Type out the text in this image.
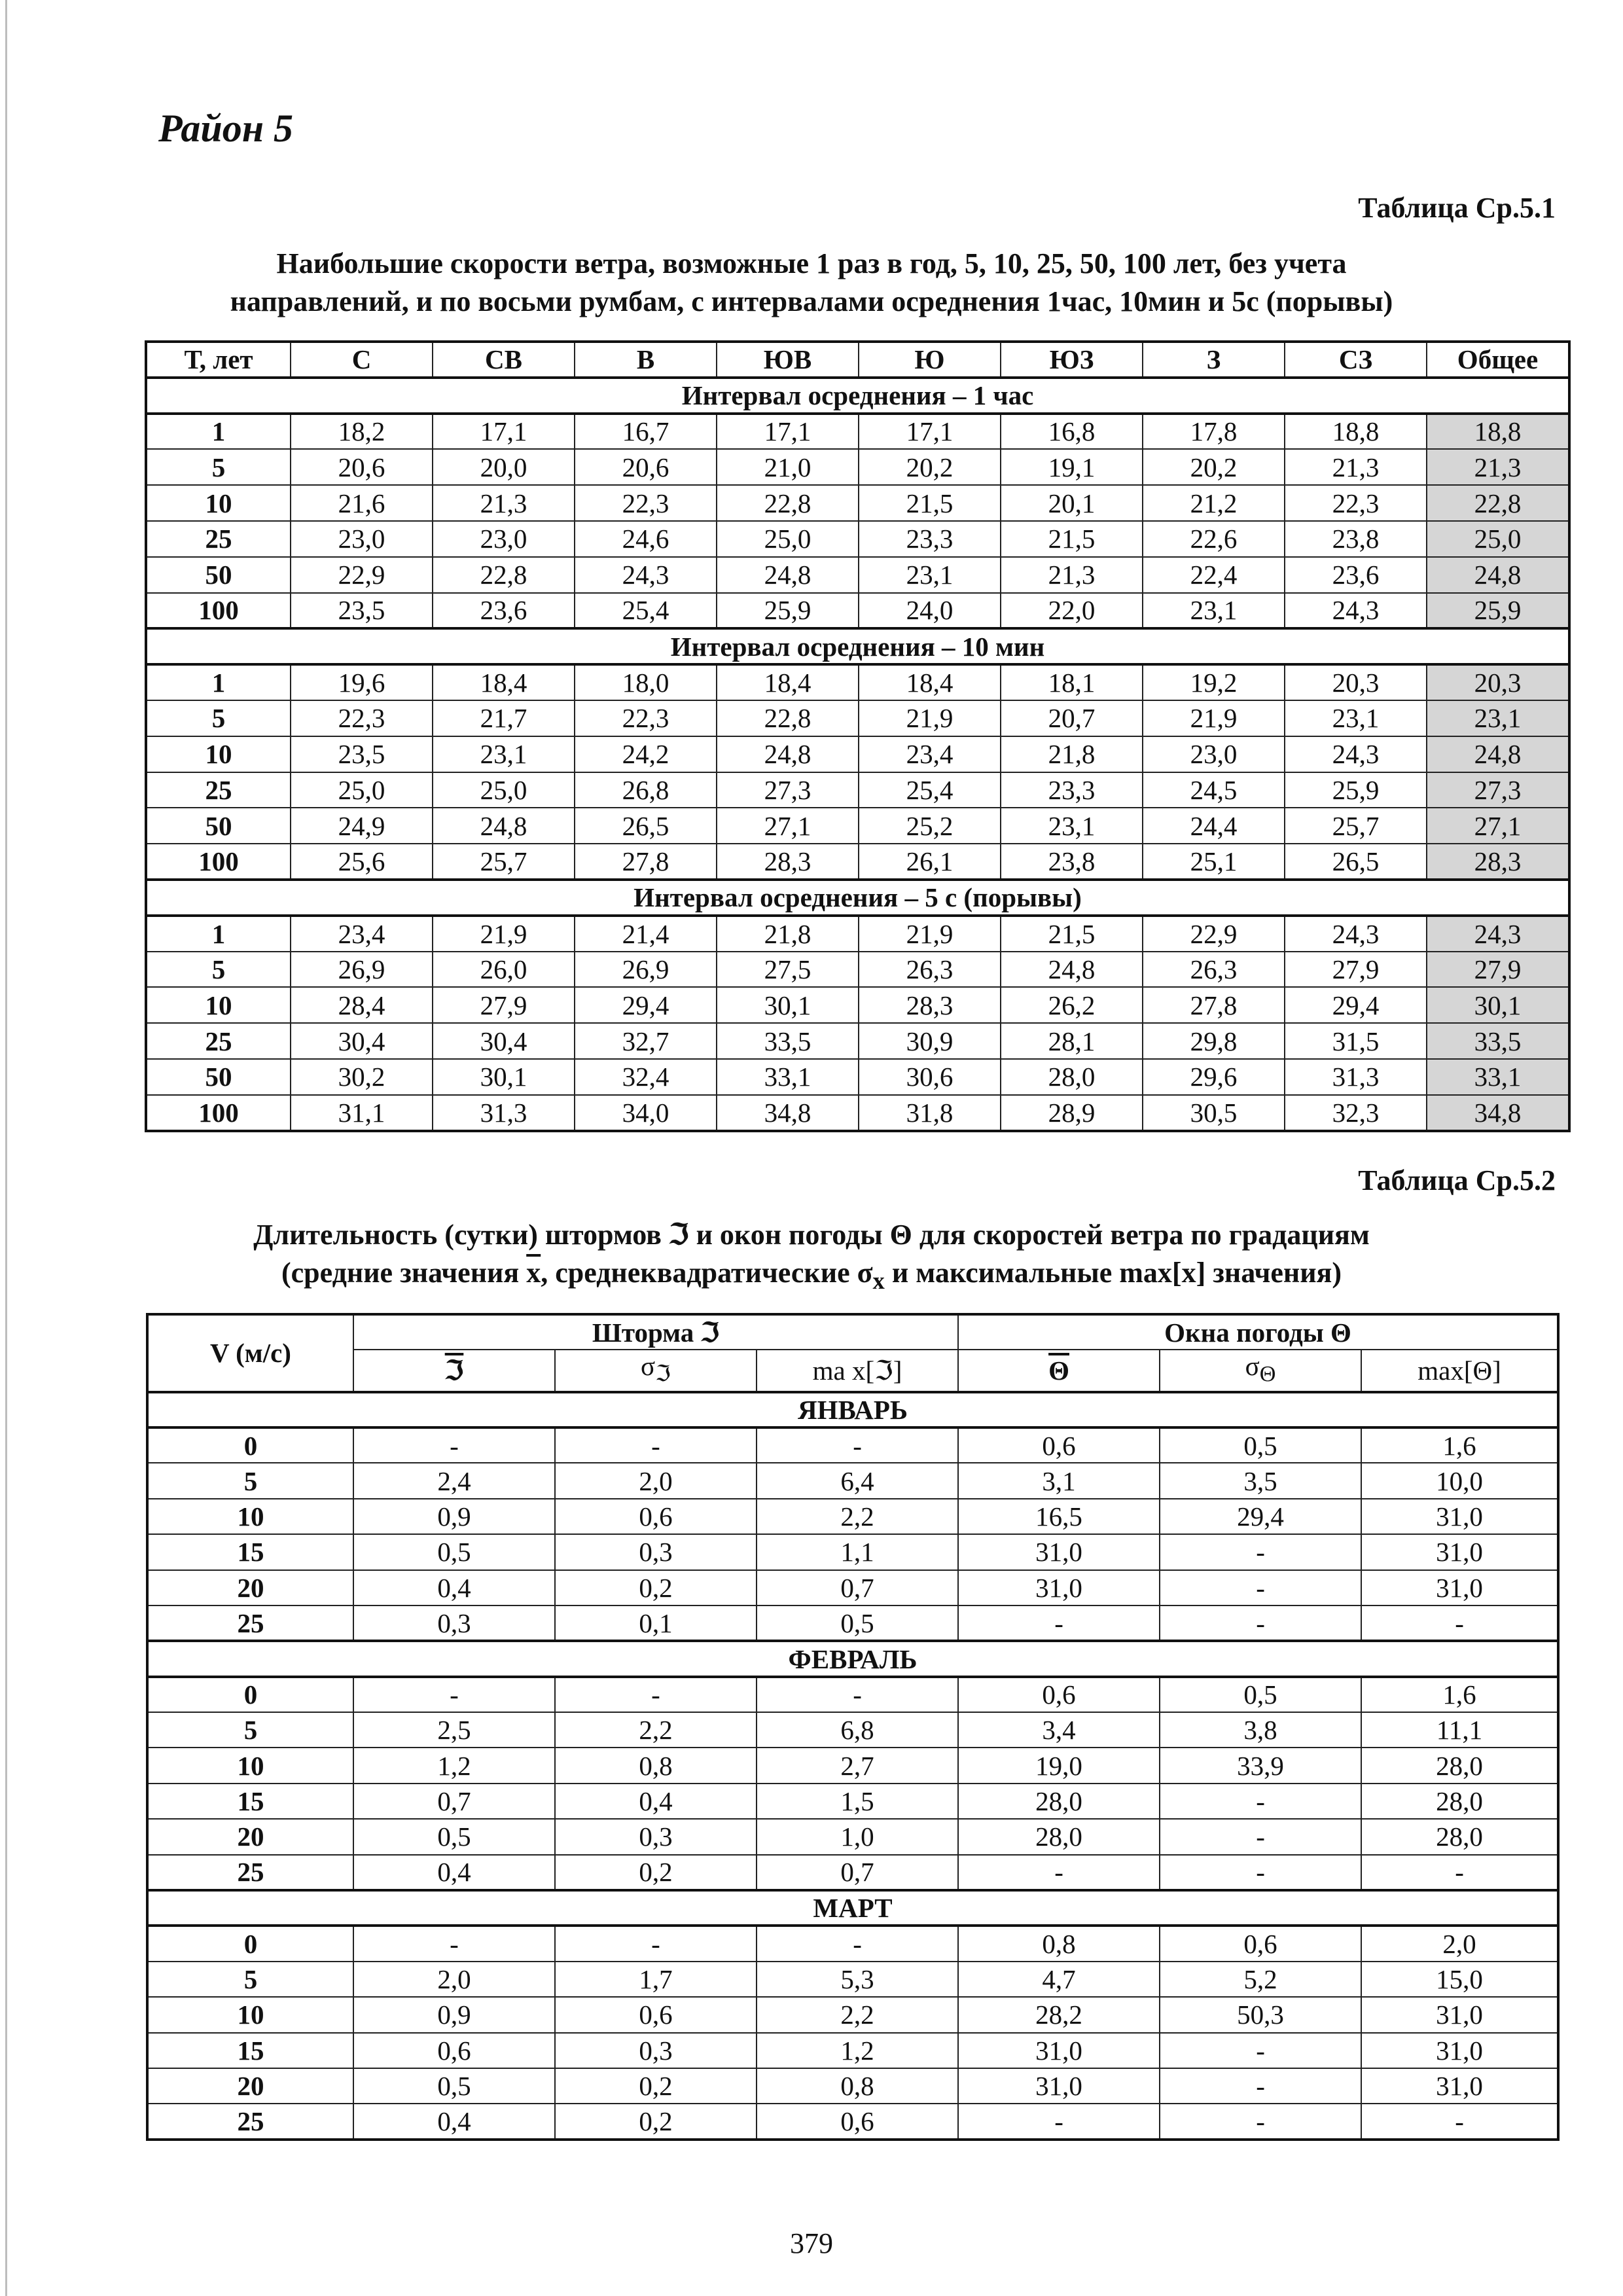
Район 5
Таблица Ср.5.1
Наибольшие скорости ветра, возможные 1 раз в год, 5, 10, 25, 50, 100 лет, без учета
направлений, и по восьми румбам, с интервалами осреднения 1час, 10мин и 5с (порывы)
Т, лет	С	СВ	В	ЮВ	Ю	ЮЗ	З	СЗ	Общее
Интервал осреднения – 1 час									
1	18,2	17,1	16,7	17,1	17,1	16,8	17,8	18,8	18,8
5	20,6	20,0	20,6	21,0	20,2	19,1	20,2	21,3	21,3
10	21,6	21,3	22,3	22,8	21,5	20,1	21,2	22,3	22,8
25	23,0	23,0	24,6	25,0	23,3	21,5	22,6	23,8	25,0
50	22,9	22,8	24,3	24,8	23,1	21,3	22,4	23,6	24,8
100	23,5	23,6	25,4	25,9	24,0	22,0	23,1	24,3	25,9
Интервал осреднения – 10 мин									
1	19,6	18,4	18,0	18,4	18,4	18,1	19,2	20,3	20,3
5	22,3	21,7	22,3	22,8	21,9	20,7	21,9	23,1	23,1
10	23,5	23,1	24,2	24,8	23,4	21,8	23,0	24,3	24,8
25	25,0	25,0	26,8	27,3	25,4	23,3	24,5	25,9	27,3
50	24,9	24,8	26,5	27,1	25,2	23,1	24,4	25,7	27,1
100	25,6	25,7	27,8	28,3	26,1	23,8	25,1	26,5	28,3
Интервал осреднения – 5 с (порывы)									
1	23,4	21,9	21,4	21,8	21,9	21,5	22,9	24,3	24,3
5	26,9	26,0	26,9	27,5	26,3	24,8	26,3	27,9	27,9
10	28,4	27,9	29,4	30,1	28,3	26,2	27,8	29,4	30,1
25	30,4	30,4	32,7	33,5	30,9	28,1	29,8	31,5	33,5
50	30,2	30,1	32,4	33,1	30,6	28,0	29,6	31,3	33,1
100	31,1	31,3	34,0	34,8	31,8	28,9	30,5	32,3	34,8
Таблица Ср.5.2
Длительность (сутки) штормов ℑ и окон погоды Θ для скоростей ветра по градациям
(средние значения $\overline{x}$, среднеквадратические $\sigma_x$ и максимальные max[x] значения)
V (м/с)	Шторма ℑ			Окна погоды Θ		
	ℑ	$\sigma_ℑ$	ma x[ℑ]	$\overline{\Theta}$	$\sigma_\Theta$	max[Θ]
ЯНВАРЬ						
0	-	-	-	0,6	0,5	1,6
5	2,4	2,0	6,4	3,1	3,5	10,0
10	0,9	0,6	2,2	16,5	29,4	31,0
15	0,5	0,3	1,1	31,0	-	31,0
20	0,4	0,2	0,7	31,0	-	31,0
25	0,3	0,1	0,5	-	-	-
ФЕВРАЛЬ						
0	-	-	-	0,6	0,5	1,6
5	2,5	2,2	6,8	3,4	3,8	11,1
10	1,2	0,8	2,7	19,0	33,9	28,0
15	0,7	0,4	1,5	28,0	-	28,0
20	0,5	0,3	1,0	28,0	-	28,0
25	0,4	0,2	0,7	-	-	-
МАРТ						
0	-	-	-	0,8	0,6	2,0
5	2,0	1,7	5,3	4,7	5,2	15,0
10	0,9	0,6	2,2	28,2	50,3	31,0
15	0,6	0,3	1,2	31,0	-	31,0
20	0,5	0,2	0,8	31,0	-	31,0
25	0,4	0,2	0,6	-	-	-
379
